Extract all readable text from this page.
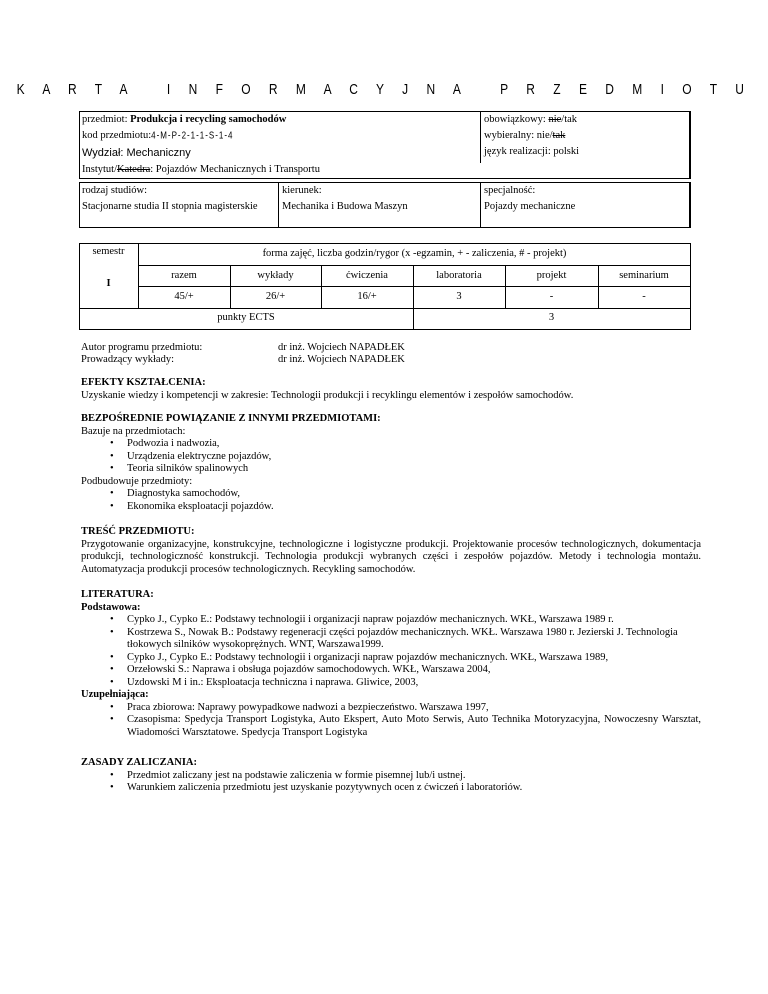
K A R T A   I N F O R M A C Y J N A   P R Z E D M I O T U
przedmiot: Produkcja i recycling samochodów
kod przedmiotu:4-M-P-2-1-1-S-1-4
Wydział: Mechaniczny
Instytut/Katedra: Pojazdów Mechanicznych i Transportu
obowiązkowy: nie/tak
wybieralny: nie/tak
język realizacji: polski
rodzaj studiów:
Stacjonarne studia II stopnia magisterskie
kierunek:
Mechanika i Budowa Maszyn
specjalność:
Pojazdy mechaniczne
semestr
I
forma zajęć, liczba godzin/rygor (x -egzamin, + - zaliczenia, # - projekt)
razem	wykłady	ćwiczenia	laboratoria	projekt	seminarium
45/+	26/+	16/+	3	-	-
punkty ECTS	3
Autor programu przedmiotu:	dr inż. Wojciech NAPADŁEK
Prowadzący wykłady:	dr inż. Wojciech NAPADŁEK
EFEKTY KSZTAŁCENIA:
Uzyskanie wiedzy i kompetencji w zakresie: Technologii produkcji i recyklingu elementów i zespołów samochodów.
BEZPOŚREDNIE POWIĄZANIE Z INNYMI PRZEDMIOTAMI:
Bazuje na przedmiotach:
• Podwozia i nadwozia,
• Urządzenia elektryczne pojazdów,
• Teoria silników spalinowych
Podbudowuje przedmioty:
• Diagnostyka samochodów,
• Ekonomika eksploatacji pojazdów.
TREŚĆ PRZEDMIOTU:
Przygotowanie organizacyjne, konstrukcyjne, technologiczne i logistyczne produkcji. Projektowanie procesów technologicznych, dokumentacja produkcji, technologiczność konstrukcji. Technologia produkcji wybranych części i zespołów pojazdów. Metody i technologia montażu. Automatyzacja produkcji procesów technologicznych. Recykling samochodów.
LITERATURA:
Podstawowa:
• Cypko J., Cypko E.: Podstawy technologii i organizacji napraw pojazdów mechanicznych. WKŁ, Warszawa 1989 r.
• Kostrzewa S., Nowak B.: Podstawy regeneracji części pojazdów mechanicznych. WKŁ. Warszawa 1980 r. Jezierski J. Technologia tłokowych silników wysokoprężnych. WNT, Warszawa1999.
• Cypko J., Cypko E.: Podstawy technologii i organizacji napraw pojazdów mechanicznych. WKŁ, Warszawa 1989,
• Orzełowski S.: Naprawa i obsługa pojazdów samochodowych. WKŁ, Warszawa 2004,
• Uzdowski M i in.: Eksploatacja techniczna i naprawa. Gliwice, 2003,
Uzupełniająca:
• Praca zbiorowa: Naprawy powypadkowe nadwozi a bezpieczeństwo. Warszawa 1997,
• Czasopisma: Spedycja Transport Logistyka, Auto Ekspert, Auto Moto Serwis, Auto Technika Motoryzacyjna, Nowoczesny Warsztat, Wiadomości Warsztatowe. Spedycja Transport Logistyka
ZASADY ZALICZANIA:
• Przedmiot zaliczany jest na podstawie zaliczenia w formie pisemnej lub/i ustnej.
• Warunkiem zaliczenia przedmiotu jest uzyskanie pozytywnych ocen z ćwiczeń i laboratoriów.
